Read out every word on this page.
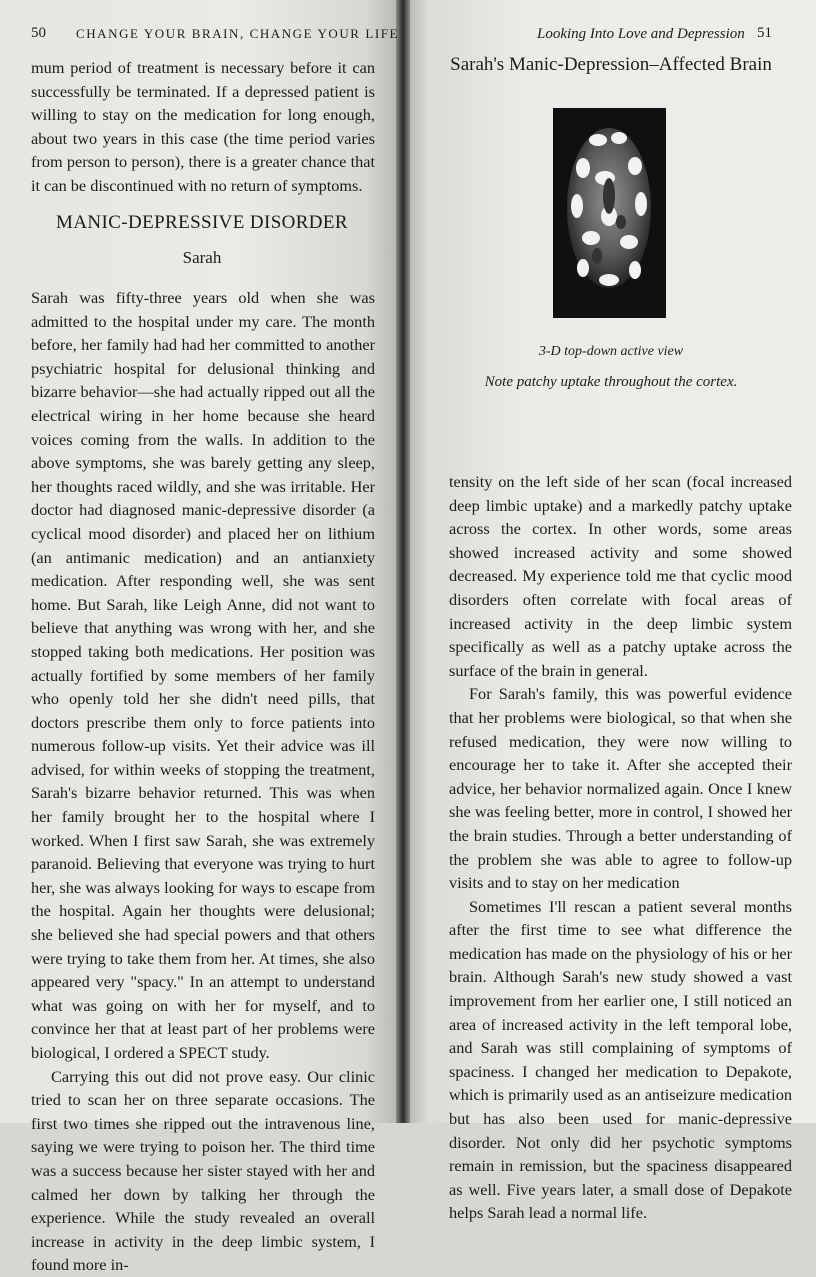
50 CHANGE YOUR BRAIN, CHANGE YOUR LIFE

mum period of treatment is necessary before it can successfully be terminated. If a depressed patient is willing to stay on the medication for long enough, about two years in this case (the time period varies from person to person), there is a greater chance that it can be discontinued with no return of symptoms.

MANIC-DEPRESSIVE DISORDER
Sarah

Sarah was fifty-three years old when she was admitted to the hospital under my care. The month before, her family had had her committed to another psychiatric hospital for delusional thinking and bizarre behavior—she had actually ripped out all the electrical wiring in her home because she heard voices coming from the walls. In addition to the above symptoms, she was barely getting any sleep, her thoughts raced wildly, and she was irritable. Her doctor had diagnosed manic-depressive disorder (a cyclical mood disorder) and placed her on lithium (an antimanic medication) and an antianxiety medication. After responding well, she was sent home. But Sarah, like Leigh Anne, did not want to believe that anything was wrong with her, and she stopped taking both medications. Her position was actually fortified by some members of her family who openly told her she didn't need pills, that doctors prescribe them only to force patients into numerous follow-up visits. Yet their advice was ill advised, for within weeks of stopping the treatment, Sarah's bizarre behavior returned. This was when her family brought her to the hospital where I worked. When I first saw Sarah, she was extremely paranoid. Believing that everyone was trying to hurt her, she was always looking for ways to escape from the hospital. Again her thoughts were delusional; she believed she had special powers and that others were trying to take them from her. At times, she also appeared very "spacy." In an attempt to understand what was going on with her for myself, and to convince her that at least part of her problems were biological, I ordered a SPECT study.

Carrying this out did not prove easy. Our clinic tried to scan her on three separate occasions. The first two times she ripped out the intravenous line, saying we were trying to poison her. The third time was a success because her sister stayed with her and calmed her down by talking her through the experience. While the study revealed an overall increase in activity in the deep limbic system, I found more in-

Looking Into Love and Depression 51
Sarah's Manic-Depression–Affected Brain
3-D top-down active view
Note patchy uptake throughout the cortex.

tensity on the left side of her scan (focal increased deep limbic uptake) and a markedly patchy uptake across the cortex. In other words, some areas showed increased activity and some showed decreased. My experience told me that cyclic mood disorders often correlate with focal areas of increased activity in the deep limbic system specifically as well as a patchy uptake across the surface of the brain in general.

For Sarah's family, this was powerful evidence that her problems were biological, so that when she refused medication, they were now willing to encourage her to take it. After she accepted their advice, her behavior normalized again. Once I knew she was feeling better, more in control, I showed her the brain studies. Through a better understanding of the problem she was able to agree to follow-up visits and to stay on her medication

Sometimes I'll rescan a patient several months after the first time to see what difference the medication has made on the physiology of his or her brain. Although Sarah's new study showed a vast improvement from her earlier one, I still noticed an area of increased activity in the left temporal lobe, and Sarah was still complaining of symptoms of spaciness. I changed her medication to Depakote, which is primarily used as an antiseizure medication but has also been used for manic-depressive disorder. Not only did her psychotic symptoms remain in remission, but the spaciness disappeared as well. Five years later, a small dose of Depakote helps Sarah lead a normal life.
